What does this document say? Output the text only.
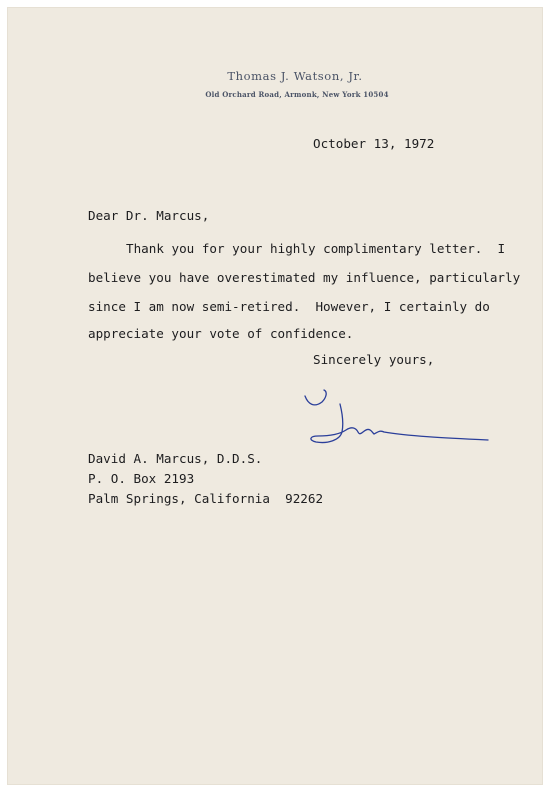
Thomas J. Watson, Jr.
Old Orchard Road, Armonk, New York 10504
October 13, 1972
Dear Dr. Marcus,
Thank you for your highly complimentary letter.  I
believe you have overestimated my influence, particularly
since I am now semi-retired.  However, I certainly do
appreciate your vote of confidence.
Sincerely yours,
David A. Marcus, D.D.S.
P. O. Box 2193
Palm Springs, California  92262
